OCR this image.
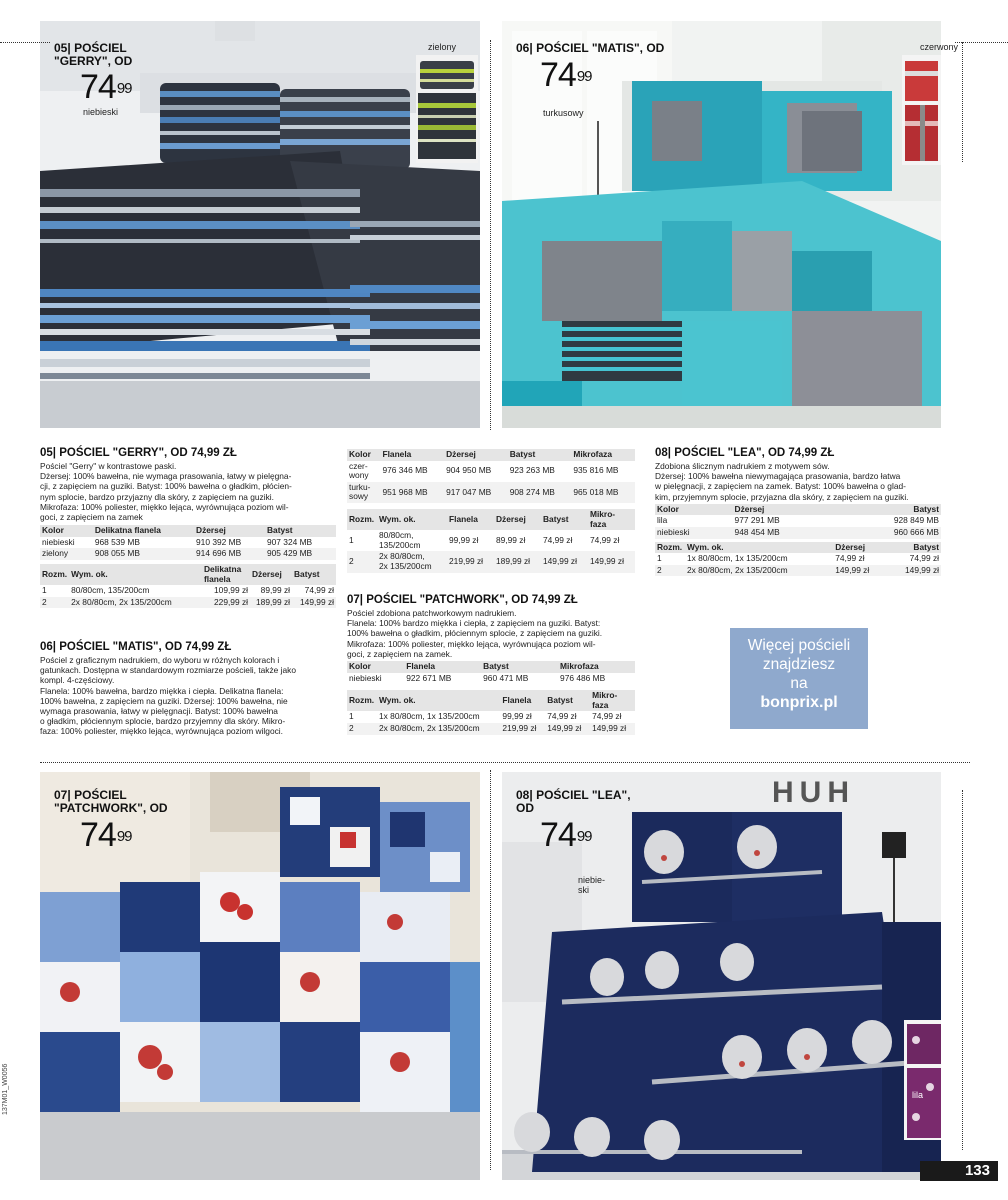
HUH
05| POŚCIEL "GERRY", OD
$74^{99}$
niebieski
zielony	06| POŚCIEL "MATIS", OD
$74^{99}$
turkusowy
czerwony
07| POŚCIEL "PATCHWORK", OD
$74^{99}$
08| POŚCIEL "LEA",
OD
$74^{99}$
niebie-
ski
lila
05| POŚCIEL "GERRY", OD 74,99 ZŁ

Pościel "Gerry" w kontrastowe paski.

Dżersej: 100% bawełna, nie wymaga prasowania, łatwy w pielęgna-

cji, z zapięciem na guziki. Batyst: 100% bawełna o gładkim, płócien-

nym splocie, bardzo przyjazny dla skóry, z zapięciem na guziki.

Mikrofaza: 100% poliester, miękko lejąca, wyrównująca poziom wil-

goci, z zapięciem na zamek

Kolor	Delikatna flanela	Dżersej	Batyst
niebieski	968 539 MB	910 392 MB	907 324 MB
zielony	908 055 MB	914 696 MB	905 429 MB
Rozm.	Wym. ok.	Delikatna flanela	Dżersej	Batyst
1	80/80cm, 135/200cm	109,99 zł	89,99 zł	74,99 zł
2	2x 80/80cm, 2x 135/200cm	229,99 zł	189,99 zł	149,99 zł
06| POŚCIEL "MATIS", OD 74,99 ZŁ

Pościel z graficznym nadrukiem, do wyboru w różnych kolorach i

gatunkach. Dostępna w standardowym rozmiarze pościeli, także jako

kompl. 4-częściowy.

Flanela: 100% bawełna, bardzo miękka i ciepła. Delikatna flanela:

100% bawełna, z zapięciem na guziki. Dżersej: 100% bawełna, nie

wymaga prasowania, łatwy w pielęgnacji. Batyst: 100% bawełna

o gładkim, płóciennym splocie, bardzo przyjemny dla skóry. Mikro-

faza: 100% poliester, miękko lejąca, wyrównująca poziom wilgoci.

Kolor	Flanela	Dżersej	Batyst	Mikrofaza
czer-
wony	976 346 MB	904 950 MB	923 263 MB	935 816 MB
turku-
sowy	951 968 MB	917 047 MB	908 274 MB	965 018 MB
Rozm.	Wym. ok.	Flanela	Dżersej	Batyst	Mikro-
faza
1	80/80cm,
135/200cm	99,99 zł	89,99 zł	74,99 zł	74,99 zł
2	2x 80/80cm,
2x 135/200cm	219,99 zł	189,99 zł	149,99 zł	149,99 zł
07| POŚCIEL "PATCHWORK", OD 74,99 ZŁ

Pościel zdobiona patchworkowym nadrukiem.

Flanela: 100% bardzo miękka i ciepła, z zapięciem na guziki. Batyst:

100% bawełna o gładkim, płóciennym splocie, z zapięciem na guziki.

Mikrofaza: 100% poliester, miękko lejąca, wyrównująca poziom wil-

goci, z zapięciem na zamek.

Kolor	Flanela	Batyst	Mikrofaza
niebieski	922 671 MB	960 471 MB	976 486 MB
Rozm.	Wym. ok.	Flanela	Batyst	Mikro-
faza
1	1x 80/80cm, 1x 135/200cm	99,99 zł	74,99 zł	74,99 zł
2	2x 80/80cm, 2x 135/200cm	219,99 zł	149,99 zł	149,99 zł
08| POŚCIEL "LEA", OD 74,99 ZŁ

Zdobiona ślicznym nadrukiem z motywem sów.

Dżersej: 100% bawełna niewymagająca prasowania, bardzo łatwa

w pielęgnacji, z zapięciem na zamek. Batyst: 100% bawełna o glad-

kim, przyjemnym splocie, przyjazna dla skóry, z zapięciem na guziki.

Kolor	Dżersej	Batyst
lila	977 291 MB	928 849 MB
niebieski	948 454 MB	960 666 MB
Rozm.	Wym. ok.	Dżersej	Batyst
1	1x 80/80cm, 1x 135/200cm	74,99 zł	74,99 zł
2	2x 80/80cm, 2x 135/200cm	149,99 zł	149,99 zł
Więcej pościeli
znajdziesz
na
bonprix.pl
133
137M01_W0056
